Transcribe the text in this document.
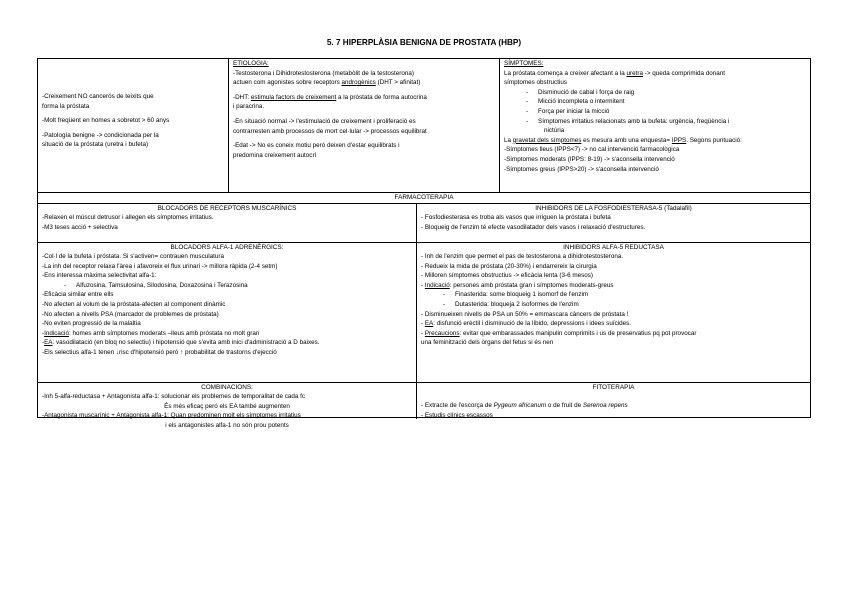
5. 7 HIPERPLÀSIA BENIGNA DE PROSTATA (HBP)

-Creixement NO cancerós de teixits que

forma la próstata

-Molt freqüent en homes a sobretot > 60 anys

-Patología benigne -> condicionada per la

situació de la próstata (uretra i bufeta)

ETIOLOGIA:

-Testosterona i Dihidrotestosterona (metabòlit de la testosterona)

actuen com agonistes sobre receptors androgènics (DHT > afinitat)

-DHT: estimula factors de creixement a la próstata de forma autocrina

i paracrina.

-En situació normal -> l'estimulació de creixement i proliferació es

contrarresten amb processos de mort cel·lular -> processos equilibrat

-Edat -> No es coneix motiu peró deixen d'estar equilibrats i

predomina creixement autocrí

SÍMPTOMES:

La próstata comença a creixer afectant a la uretra -> queda comprimida donant

símptomes obstructius

- Disminució de cabal i força de raig

- Micció incompleta o intermitent

- Força per iniciar la micció

- Símptomes irritatius relacionats amb la bufeta: urgència, freqüència i

nictúria

La gravetat dels símptomes es mesura amb una enquesta= IPPS. Segons puntuació:

-Símptomes lleus (IPPS<7) -> no cal intervenció farmacològica

-Símptomes moderats (IPPS: 8-19) -> s'aconsella intervenció

-Símptomes greus (IPPS>20) -> s'aconsella intervenció

FARMACOTERAPIA

BLOCADORS DE RECEPTORS MUSCARÍNICS

-Relaxen el múscul detrusor i allegen els símptomes irritatius.

-M3 teses acció + selectiva

INHIBIDORS DE LA FOSFODIESTERASA-5 (Tadalafil)

- Fosfodiesterasa es troba als vasos que irriguen la próstata i bufeta

- Bloqueig de l'enzim té efecte vasodilatador dels vasos i relaxació d'estructures.

BLOCADORS ALFA-1 ADRENÈRGICS:

-Col·l de la bufeta i próstata. Si s'activen= contrauen musculatura

-La inh del receptor relaxa l'àrea i afavoreix el flux urinari -> millora ràpida (2-4 setm)

-Ens interessa màxima selectivitat alfa-1:

- Alfuzosina, Tamsulosina, Silodosina, Doxazosina i Terazosina

-Eficàcia similar entre ells

-No afecten al volum de la próstata-afecten al component dinàmic

-No afecten a nivells PSA (marcador de problemes de próstata)

-No eviten progressió de la malaltia

-Indicació: homes amb símptomes moderats –lleus amb próstata no molt gran

-EA: vasodilatació (en bloq no selectiu) i hipotensió que s'evita amb inici d'administració a D baixes.

-Els selectius alfa-1 tenen ↓risc d'hipotensió peró ↑ probabilitat de trastorns d'ejecció

INHIBIDORS ALFA-5 REDUCTASA

- Inh de l'enzim que permet el pas de testosterona a dihidrotestosterona.

- Redueix la mida de próstata (20-30%) i endarrereix la cirurgia

- Milloren símptomes obstructius -> eficàcia lenta (3-6 mesos)

- Indicació: persones amb próstata gran i símptomes moderats-greus

- Finasterida: some bloqueig 1 isomorf de l'enzim

- Dutasterida: bloqueja 2 isoformes de l'enzim

- Disminueixen nivells de PSA un 50% = emmascara càncers de próstata !

- EA: disfunció erèctil i disminució de la líbido, depressions i idees suïcides.

- Precaucions: evitar que embarassades manipulin comprimits i us de preservatius pq pot provocar

una feminització dels òrgans del fetus si és nen

COMBINACIONS:

-Inh 5-alfa-reductasa + Antagonista alfa-1: solucionar els problemes de temporalitat de cada fc

És més eficaç peró els EA també augmenten

-Antagonista muscarínic + Antagonista alfa-1: Quan predominen molt els símptomes irritatius

i els antagonistes alfa-1 no són prou potents

FITOTERAPIA

- Extracte de l'escorça de Pygeum africanum o de fruit de Serenoa repens

- Estudis clínics escassos
